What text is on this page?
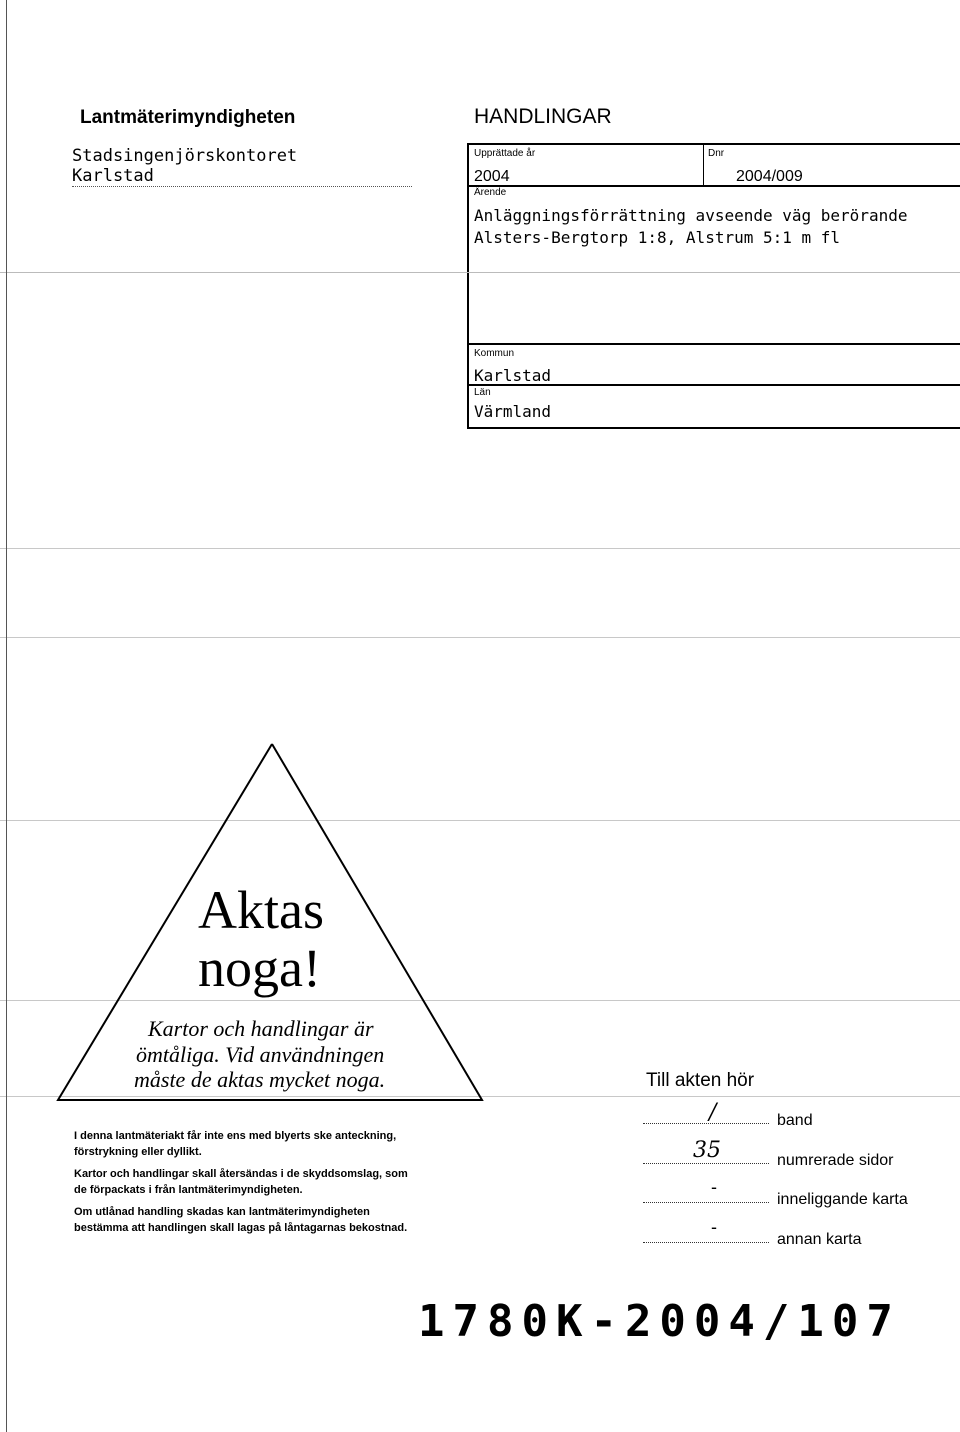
Lantmäterimyndigheten
Stadsingenjörskontoret
Karlstad
HANDLINGAR
Upprättade år
2004
Dnr
2004/009
Ärende
Anläggningsförrättning avseende väg berörande
Alsters-Bergtorp 1:8, Alstrum 5:1 m fl
Kommun
Karlstad
Län
Värmland
Aktas
noga!
Kartor och handlingar är
ömtåliga. Vid användningen
måste de aktas mycket noga.
I denna lantmäteriakt får inte ens med blyerts ske anteckning,
förstrykning eller dyllikt.
Kartor och handlingar skall återsändas i de skyddsomslag, som
de förpackats i från lantmäterimyndigheten.
Om utlånad handling skadas kan lantmäterimyndigheten
bestämma att handlingen skall lagas på låntagarnas bekostnad.
Till akten hör
/	band
35	numrerade sidor
-
inneliggande karta
-
annan karta
1780K-2004/107
